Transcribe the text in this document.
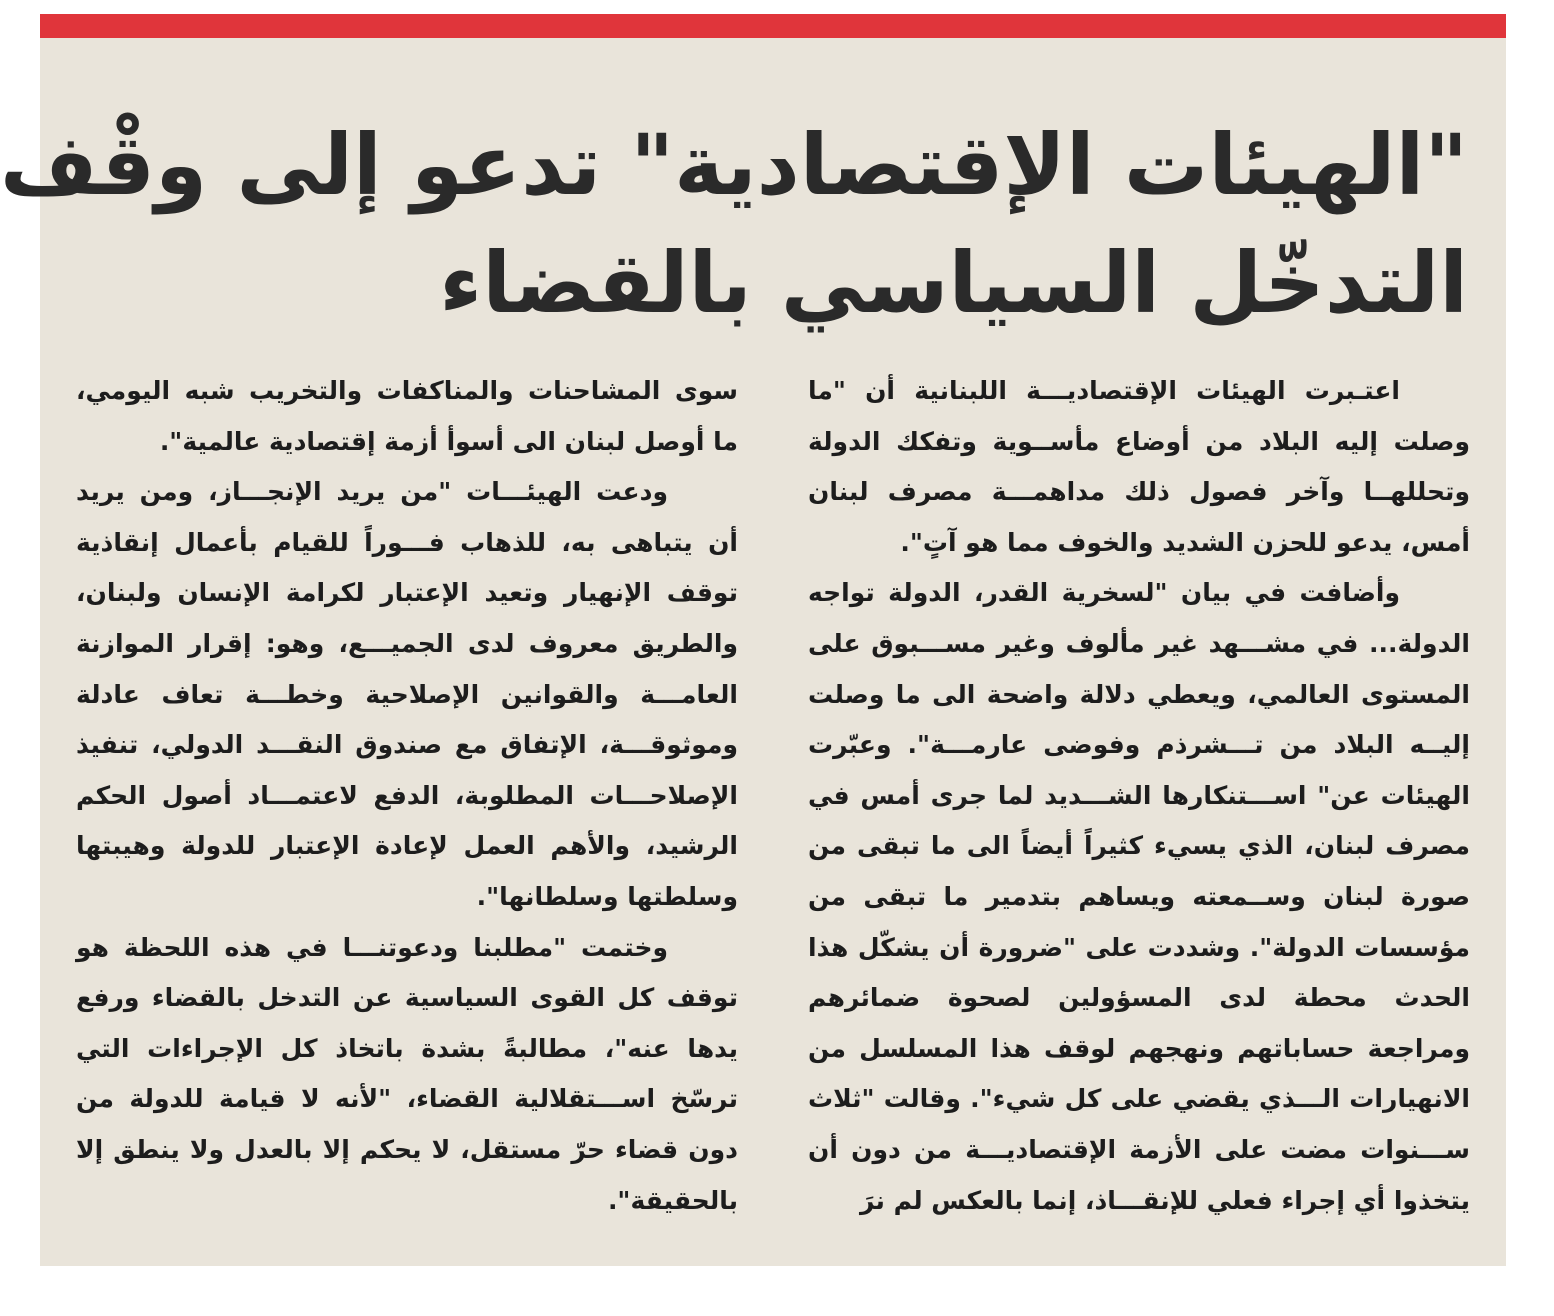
"الهيئات الإقتصادية" تدعو إلى وقْف
التدخّل السياسي بالقضاء

اعتـبرت الهيئات الإقتصاديـــة اللبنانية أن "ما وصلت إليه البلاد من أوضاع مأســوية وتفكك الدولة وتحللهــا وآخر فصول ذلك مداهمـــة مصرف لبنان أمس، يدعو للحزن الشديد والخوف مما هو آتٍ".

وأضافت في بيان "لسخرية القدر، الدولة تواجه الدولة... في مشـــهد غير مألوف وغير مســـبوق على المستوى العالمي، ويعطي دلالة واضحة الى ما وصلت إليــه البلاد من تـــشرذم وفوضى عارمـــة". وعبّرت الهيئات عن" اســـتنكارها الشـــديد لما جرى أمس في مصرف لبنان، الذي يسيء كثيراً أيضاً الى ما تبقى من صورة لبنان وســمعته ويساهم بتدمير ما تبقى من مؤسسات الدولة". وشددت على "ضرورة أن يشكّل هذا الحدث محطة لدى المسؤولين لصحوة ضمائرهم ومراجعة حساباتهم ونهجهم لوقف هذا المسلسل من الانهيارات الـــذي يقضي على كل شيء". وقالت "ثلاث ســـنوات مضت على الأزمة الإقتصاديـــة من دون أن يتخذوا أي إجراء فعلي للإنقـــاذ، إنما بالعكس لم نرَ

سوى المشاحنات والمناكفات والتخريب شبه اليومي، ما أوصل لبنان الى أسوأ أزمة إقتصادية عالمية".

ودعت الهيئـــات "من يريد الإنجـــاز، ومن يريد أن يتباهى به، للذهاب فـــوراً للقيام بأعمال إنقاذية توقف الإنهيار وتعيد الإعتبار لكرامة الإنسان ولبنان، والطريق معروف لدى الجميـــع، وهو: إقرار الموازنة العامـــة والقوانين الإصلاحية وخطـــة تعاف عادلة وموثوقـــة، الإتفاق مع صندوق النقـــد الدولي، تنفيذ الإصلاحـــات المطلوبة، الدفع لاعتمـــاد أصول الحكم الرشيد، والأهم العمل لإعادة الإعتبار للدولة وهيبتها وسلطتها وسلطانها".

وختمت "مطلبنا ودعوتنـــا في هذه اللحظة هو توقف كل القوى السياسية عن التدخل بالقضاء ورفع يدها عنه"، مطالبةً بشدة باتخاذ كل الإجراءات التي ترسّخ اســـتقلالية القضاء، "لأنه لا قيامة للدولة من دون قضاء حرّ مستقل، لا يحكم إلا بالعدل ولا ينطق إلا بالحقيقة".
